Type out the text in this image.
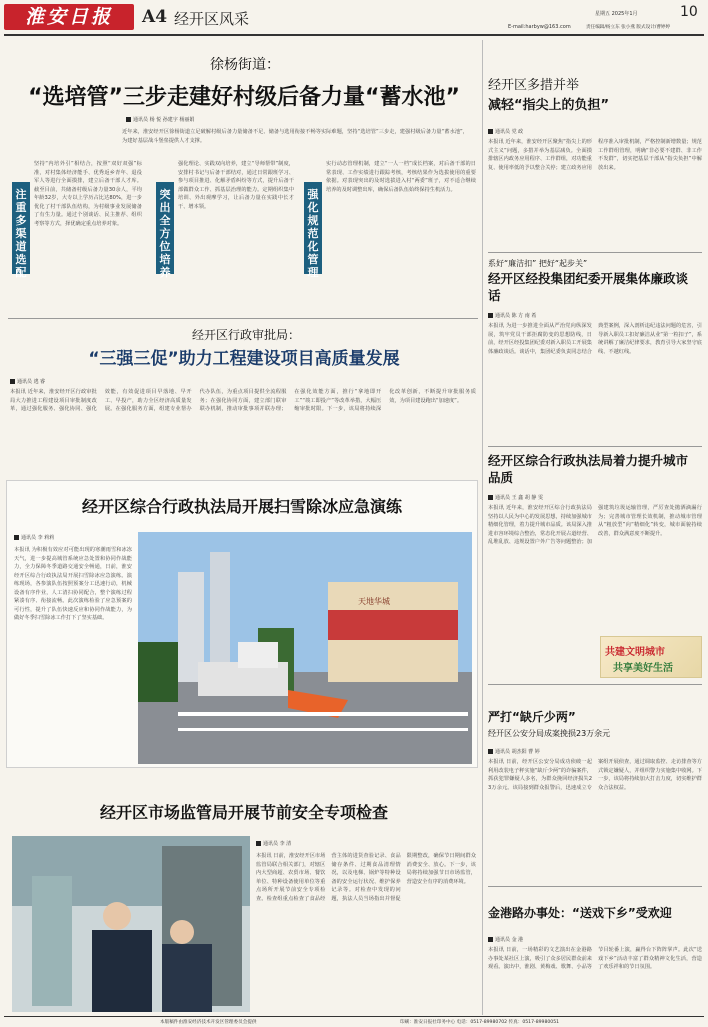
淮安日报	A4 经开区风采	星期五 2025年1月	10
E-mail:harbyw@163.com	责任编辑/杨立东 张小燕 版式设计/曹婷婷
徐杨街道：
“选培管”三步走建好村级后备力量“蓄水池”
通讯员 杨 悦 孙建宇 杨丽娟
近年来，淮安经开区徐杨街道立足破解村级后备力量储备不足、储备与选用衔接不畅等实际难题，坚持“选培管”三步走，建强村级后备力量“蓄水池”，为建好基层战斗堡垒提供人才支撑。
注重多渠道选配
坚持“内培外引”相结合，按照“双好双强”标准，对村集体经济能手、优秀返乡青年、退役军人等进行全面摸排，建立后备干部人才库。截至目前，共储备村级后备力量30余人，平均年龄32岁，大专以上学历占比达80%，进一步优化了村干部队伍结构，为村级事业发展储备了有生力量。通过个别谈话、民主推荐、组织考察等方式，择优确定重点培养对象。
突出全方位培养
强化理论、实践双向培养，建立“导师帮带”制度，安排村书记与后备干部结对，通过日常跟班学习、参与项目推进、化解矛盾纠纷等方式，提升后备干部做群众工作、抓基层治理的能力。定期组织集中培训、外出观摩学习，让后备力量在实践中长才干、增本领。
强化规范化管理
实行动态管理机制，建立“一人一档”成长档案，对后备干部的日常表现、工作实绩进行跟踪考核，考核结果作为选拔使用的重要依据。对表现突出的及时选拔进入村“两委”班子，对不适合继续培养的及时调整出库，确保后备队伍始终保持生机活力。
经开区行政审批局：
“三强三促”助力工程建设项目高质量发展
通讯员 逃 睿
本报讯 近年来，淮安经开区行政审批局大力推进工程建设项目审批制度改革，通过强化服务、强化协同、强化效能，有效促进项目早落地、早开工、早投产，助力全区经济高质量发展。在强化服务方面，组建专业帮办代办队伍，为重点项目提供全流程服务；在强化协同方面，建立部门联审联办机制，推动审批事项并联办理；在强化效能方面，推行“拿地即开工”“竣工即投产”等改革举措，大幅压缩审批时限。下一步，该局将持续深化改革创新，不断提升审批服务质效，为项目建设跑出“加速度”。
经开区综合行政执法局开展扫雪除冰应急演练
通讯员 李 莉莉
本报讯 为积极有效应对可能出现的寒潮雨雪和冰冻天气，进一步提高城管系统应急处置和协同作战能力，全力保障冬季道路交通安全畅通，日前，淮安经开区综合行政执法局开展扫雪除冰应急演练。演练现场，各参演队伍按照预案分工迅速行动，机械设备有序作业，人工清扫协同配合，整个演练过程紧凑有序、衔接流畅。此次演练检验了应急预案的可行性，提升了队伍快速反应和协同作战能力，为做好冬季扫雪除冰工作打下了坚实基础。
天地华城
经开区市场监管局开展节前安全专项检查
通讯员 李 清
本报讯 日前，淮安经开区市场监管局联合相关部门，对辖区内大型商超、农贸市场、餐饮单位、特种设备使用单位等重点场所开展节前安全专项检查。检查组重点检查了食品经营主体的进货查验记录、食品储存条件、过期食品清理情况，以及电梯、锅炉等特种设备的安全运行状况、维护保养记录等。对检查中发现的问题，执法人员当场指出并督促限期整改，确保节日期间群众消费安全、放心。下一步，该局将持续加强节日市场监管，营造安全有序的消费环境。
经开区多措并举
减轻“指尖上的负担”
通讯员 党 政
本报讯 近年来，淮安经开区聚焦“指尖上的形式主义”问题，多措并举为基层减负。全面摸排辖区内政务应用程序、工作群组，对功能重复、使用率低的予以整合关停；建立政务应用程序准入审批机制，严格控制新增数量；规范工作群组管理，明确“非必要不建群、非工作不发群”，切实把基层干部从“指尖负担”中解放出来。
系好“廉洁扣” 把好“起步关”
经开区经投集团纪委开展集体廉政谈话
通讯员 陈 方 南 希
本报讯 为进一步推进全面从严治党向纵深发展，筑牢党员干部拒腐防变的思想防线，日前，经开区经投集团纪委对新入职员工开展集体廉政谈话。谈话中，集团纪委负责同志结合典型案例，深入剖析违纪违法问题的危害，引导新入职员工扣好廉洁从业“第一粒扣子”，系统讲解了廉洁纪律要求，教育引导大家坚守底线、不越红线。
经开区综合行政执法局着力提升城市品质
通讯员 王 鑫 胡 静 雯
本报讯 近年来，淮安经开区综合行政执法局坚持以人民为中心的发展思想，持续加强城市精细化管理，着力提升城市品质。该局深入推进市容环境综合整治，常态化开展占道经营、乱堆乱放、违规设置户外广告等问题整治；加强建筑垃圾运输管理，严厉查处抛洒滴漏行为；完善城市管理长效机制，推动城市管理从“粗放型”向“精细化”转变，城市面貌持续改善，群众满意度不断提升。
共建文明城市
共享美好生活
严打“缺斤少两”
经开区公安分局成案挽损23万余元
通讯员 胡杰阳 曹 婷
本报讯 日前，经开区公安分局成功侦破一起利用改装电子秤实施“缺斤少两”的诈骗案件，抓获犯罪嫌疑人多名，为群众挽回经济损失23万余元。该局接到群众报警后，迅速成立专案组开展侦查，通过调取监控、走访排查等方式锁定嫌疑人，并组织警力实施集中收网。下一步，该局将持续加大打击力度，切实维护群众合法权益。
金港路办事处：“送戏下乡”受欢迎
通讯员 金 港
本报讯 日前，一场精彩的文艺演出在金港路办事处某社区上演，吸引了众多居民群众前来观看。演出中，淮剧、黄梅戏、歌舞、小品等节目轮番上演，赢得台下阵阵掌声。此次“送戏下乡”活动丰富了群众精神文化生活，营造了欢乐祥和的节日氛围。
本版稿件由淮安经济技术开发区管理委员会提供	印刷：淮安日报社印务中心 电话：0517-89980702 传真：0517-89980051
